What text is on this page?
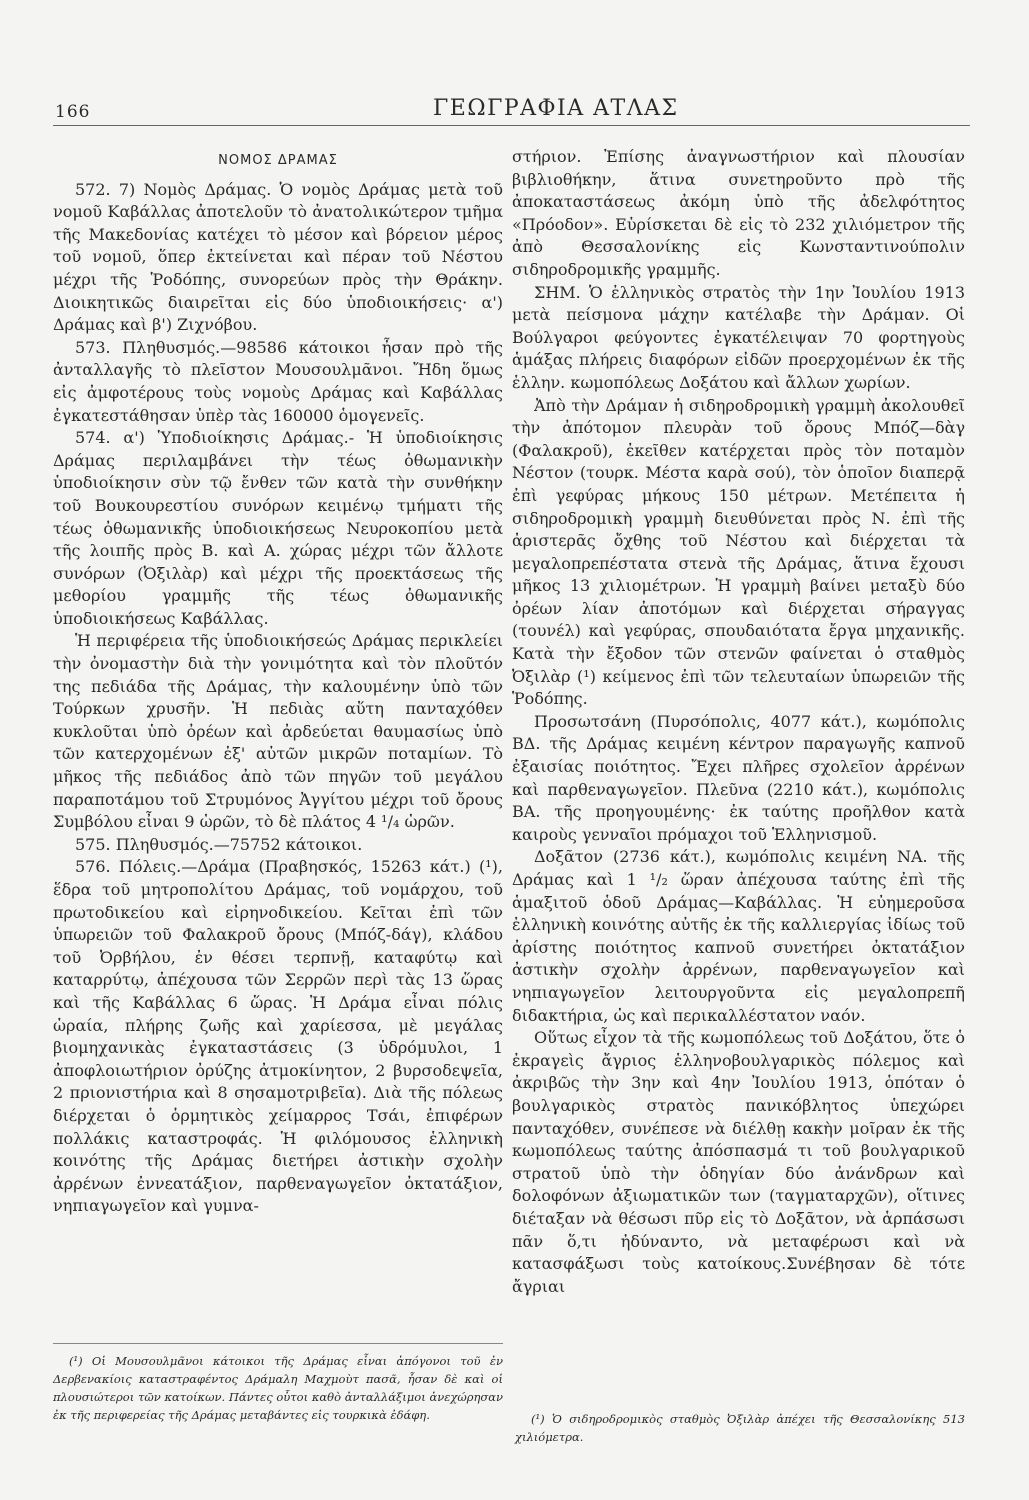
166	ΓΕΩΓΡΑΦΙΑ ΑΤΛΑΣ

ΝΟΜΟΣ ΔΡΑΜΑΣ

572. 7) Νομὸς Δράμας. Ὁ νομὸς Δράμας μετὰ τοῦ νομοῦ Καβάλλας ἀποτελοῦν τὸ ἀνατολικώτερον τμῆμα τῆς Μακεδονίας κατέχει τὸ μέσον καὶ βόρειον μέρος τοῦ νομοῦ, ὅπερ ἐκτείνεται καὶ πέραν τοῦ Νέστου μέχρι τῆς Ῥοδόπης, συνορεύων πρὸς τὴν Θράκην. Διοικητικῶς διαιρεῖται εἰς δύο ὑποδιοικήσεις· α') Δράμας καὶ β') Ζιχνόβου.

573. Πληθυσμός.—98586 κάτοικοι ἦσαν πρὸ τῆς ἀνταλλαγῆς τὸ πλεῖστον Μουσουλμᾶνοι. Ἤδη ὅμως εἰς ἀμφοτέρους τοὺς νομοὺς Δράμας καὶ Καβάλλας ἐγκατεστάθησαν ὑπὲρ τὰς 160000 ὁμογενεῖς.

574. α') Ὑποδιοίκησις Δράμας.- Ἡ ὑποδιοίκησις Δράμας περιλαμβάνει τὴν τέως ὀθωμανικὴν ὑποδιοίκησιν σὺν τῷ ἔνθεν τῶν κατὰ τὴν συνθήκην τοῦ Βουκουρεστίου συνόρων κειμένῳ τμήματι τῆς τέως ὀθωμανικῆς ὑποδιοικήσεως Νευροκοπίου μετὰ τῆς λοιπῆς πρὸς Β. καὶ Α. χώρας μέχρι τῶν ἄλλοτε συνόρων (Ὀξιλὰρ) καὶ μέχρι τῆς προεκτάσεως τῆς μεθορίου γραμμῆς τῆς τέως ὀθωμανικῆς ὑποδιοικήσεως Καβάλλας.

Ἡ περιφέρεια τῆς ὑποδιοικήσεώς Δράμας περικλείει τὴν ὀνομαστὴν διὰ τὴν γονιμότητα καὶ τὸν πλοῦτόν της πεδιάδα τῆς Δράμας, τὴν καλουμένην ὑπὸ τῶν Τούρκων χρυσῆν. Ἡ πεδιὰς αὕτη πανταχόθεν κυκλοῦται ὑπὸ ὀρέων καὶ ἀρδεύεται θαυμασίως ὑπὸ τῶν κατερχομένων ἐξ' αὐτῶν μικρῶν ποταμίων. Τὸ μῆκος τῆς πεδιάδος ἀπὸ τῶν πηγῶν τοῦ μεγάλου παραποτάμου τοῦ Στρυμόνος Ἀγγίτου μέχρι τοῦ ὄρους Συμβόλου εἶναι 9 ὡρῶν, τὸ δὲ πλάτος 4 ¹/₄ ὡρῶν.

575. Πληθυσμός.—75752 κάτοικοι.

576. Πόλεις.—Δράμα (Πραβησκός, 15263 κάτ.) (¹), ἕδρα τοῦ μητροπολίτου Δράμας, τοῦ νομάρχου, τοῦ πρωτοδικείου καὶ εἰρηνοδικείου. Κεῖται ἐπὶ τῶν ὑπωρειῶν τοῦ Φαλακροῦ ὄρους (Μπόζ-δάγ), κλάδου τοῦ Ὀρβήλου, ἐν θέσει τερπνῇ, καταφύτῳ καὶ καταρρύτῳ, ἀπέχουσα τῶν Σερρῶν περὶ τὰς 13 ὥρας καὶ τῆς Καβάλλας 6 ὥρας. Ἡ Δράμα εἶναι πόλις ὡραία, πλήρης ζωῆς καὶ χαρίεσσα, μὲ μεγάλας βιομηχανικὰς ἐγκαταστάσεις (3 ὑδρόμυλοι, 1 ἀποφλοιωτήριον ὀρύζης ἀτμοκίνητον, 2 βυρσοδεψεῖα, 2 πριονιστήρια καὶ 8 σησαμοτριβεῖα). Διὰ τῆς πόλεως διέρχεται ὁ ὁρμητικὸς χείμαρρος Τσάι, ἐπιφέρων πολλάκις καταστροφάς. Ἡ φιλόμουσος ἑλληνικὴ κοινότης τῆς Δράμας διετήρει ἀστικὴν σχολὴν ἀρρένων ἐννεατάξιον, παρθεναγωγεῖον ὀκτατάξιον, νηπιαγωγεῖον καὶ γυμνα-

στήριον. Ἐπίσης ἀναγνωστήριον καὶ πλουσίαν βιβλιοθήκην, ἅτινα συνετηροῦντο πρὸ τῆς ἀποκαταστάσεως ἀκόμη ὑπὸ τῆς ἀδελφότητος «Πρόοδον». Εὑρίσκεται δὲ εἰς τὸ 232 χιλιόμετρον τῆς ἀπὸ Θεσσαλονίκης εἰς Κωνσταντινούπολιν σιδηροδρομικῆς γραμμῆς.

ΣΗΜ. Ὁ ἑλληνικὸς στρατὸς τὴν 1ην Ἰουλίου 1913 μετὰ πείσμονα μάχην κατέλαβε τὴν Δράμαν. Οἱ Βούλγαροι φεύγοντες ἐγκατέλειψαν 70 φορτηγοὺς ἁμάξας πλήρεις διαφόρων εἰδῶν προερχομένων ἐκ τῆς ἑλλην. κωμοπόλεως Δοξάτου καὶ ἄλλων χωρίων.

Ἀπὸ τὴν Δράμαν ἡ σιδηροδρομικὴ γραμμὴ ἀκολουθεῖ τὴν ἀπότομον πλευρὰν τοῦ ὄρους Μπόζ—δὰγ (Φαλακροῦ), ἐκεῖθεν κατέρχεται πρὸς τὸν ποταμὸν Νέστον (τουρκ. Μέστα καρὰ σού), τὸν ὁποῖον διαπερᾷ ἐπὶ γεφύρας μήκους 150 μέτρων. Μετέπειτα ἡ σιδηροδρομικὴ γραμμὴ διευθύνεται πρὸς Ν. ἐπὶ τῆς ἀριστερᾶς ὄχθης τοῦ Νέστου καὶ διέρχεται τὰ μεγαλοπρεπέστατα στενὰ τῆς Δράμας, ἅτινα ἔχουσι μῆκος 13 χιλιομέτρων. Ἡ γραμμὴ βαίνει μεταξὺ δύο ὀρέων λίαν ἀποτόμων καὶ διέρχεται σήραγγας (τουνέλ) καὶ γεφύρας, σπουδαιότατα ἔργα μηχανικῆς. Κατὰ τὴν ἔξοδον τῶν στενῶν φαίνεται ὁ σταθμὸς Ὀξιλὰρ (¹) κείμενος ἐπὶ τῶν τελευταίων ὑπωρειῶν τῆς Ῥοδόπης.

Προσωτσάνη (Πυρσόπολις, 4077 κάτ.), κωμόπολις ΒΔ. τῆς Δράμας κειμένη κέντρον παραγωγῆς καπνοῦ ἐξαισίας ποιότητος. Ἔχει πλῆρες σχολεῖον ἀρρένων καὶ παρθεναγωγεῖον. Πλεῦνα (2210 κάτ.), κωμόπολις ΒΑ. τῆς προηγουμένης· ἐκ ταύτης προῆλθον κατὰ καιροὺς γενναῖοι πρόμαχοι τοῦ Ἑλληνισμοῦ.

Δοξᾶτον (2736 κάτ.), κωμόπολις κειμένη ΝΑ. τῆς Δράμας καὶ 1 ¹/₂ ὥραν ἀπέχουσα ταύτης ἐπὶ τῆς ἁμαξιτοῦ ὁδοῦ Δράμας—Καβάλλας. Ἡ εὐημεροῦσα ἑλληνικὴ κοινότης αὐτῆς ἐκ τῆς καλλιεργίας ἰδίως τοῦ ἀρίστης ποιότητος καπνοῦ συνετήρει ὀκτατάξιον ἀστικὴν σχολὴν ἀρρένων, παρθεναγωγεῖον καὶ νηπιαγωγεῖον λειτουργοῦντα εἰς μεγαλοπρεπῆ διδακτήρια, ὡς καὶ περικαλλέστατον ναόν.

Οὕτως εἶχον τὰ τῆς κωμοπόλεως τοῦ Δοξάτου, ὅτε ὁ ἐκραγεὶς ἄγριος ἑλληνοβουλγαρικὸς πόλεμος καὶ ἀκριβῶς τὴν 3ην καὶ 4ην Ἰουλίου 1913, ὁπόταν ὁ βουλγαρικὸς στρατὸς πανικόβλητος ὑπεχώρει πανταχόθεν, συνέπεσε νὰ διέλθῃ κακὴν μοῖραν ἐκ τῆς κωμοπόλεως ταύτης ἀπόσπασμά τι τοῦ βουλγαρικοῦ στρατοῦ ὑπὸ τὴν ὁδηγίαν δύο ἀνάνδρων καὶ δολοφόνων ἀξιωματικῶν των (ταγματαρχῶν), οἵτινες διέταξαν νὰ θέσωσι πῦρ εἰς τὸ Δοξᾶτον, νὰ ἁρπάσωσι πᾶν ὅ,τι ἠδύναντο, νὰ μεταφέρωσι καὶ νὰ κατασφάξωσι τοὺς κατοίκους.Συνέβησαν δὲ τότε ἄγριαι

(¹) Οἱ Μουσουλμᾶνοι κάτοικοι τῆς Δράμας εἶναι ἀπόγονοι τοῦ ἐν Δερβενακίοις καταστραφέντος Δράμαλη Μαχμοὺτ πασᾶ, ἦσαν δὲ καὶ οἱ πλουσιώτεροι τῶν κατοίκων. Πάντες οὗτοι καθὸ ἀνταλλάξιμοι ἀνεχώρησαν ἐκ τῆς περιφερείας τῆς Δράμας μεταβάντες εἰς τουρκικὰ ἐδάφη.	(¹) Ὁ σιδηροδρομικὸς σταθμὸς Ὀξιλὰρ ἀπέχει τῆς Θεσσαλονίκης 513 χιλιόμετρα.
